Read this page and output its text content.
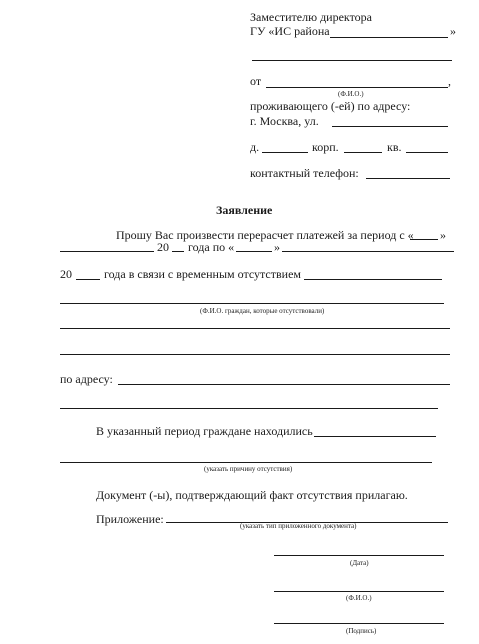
Заместителю директора
ГУ «ИС района	»
от	,
(Ф.И.О.)
проживающего (-ей) по адресу:
г. Москва, ул.
д.	корп.	кв.
контактный телефон:
Заявление
Прошу Вас произвести перерасчет платежей за период с « »
20 года по «	»
20	года в связи с временным отсутствием
(Ф.И.О. граждан, которые отсутствовали)
по адресу:
В указанный период граждане находились
(указать причину отсутствия)
Документ (-ы), подтверждающий факт отсутствия прилагаю.
Приложение:	(указать тип приложенного документа)
(Дата)
(Ф.И.О.)
(Подпись)
